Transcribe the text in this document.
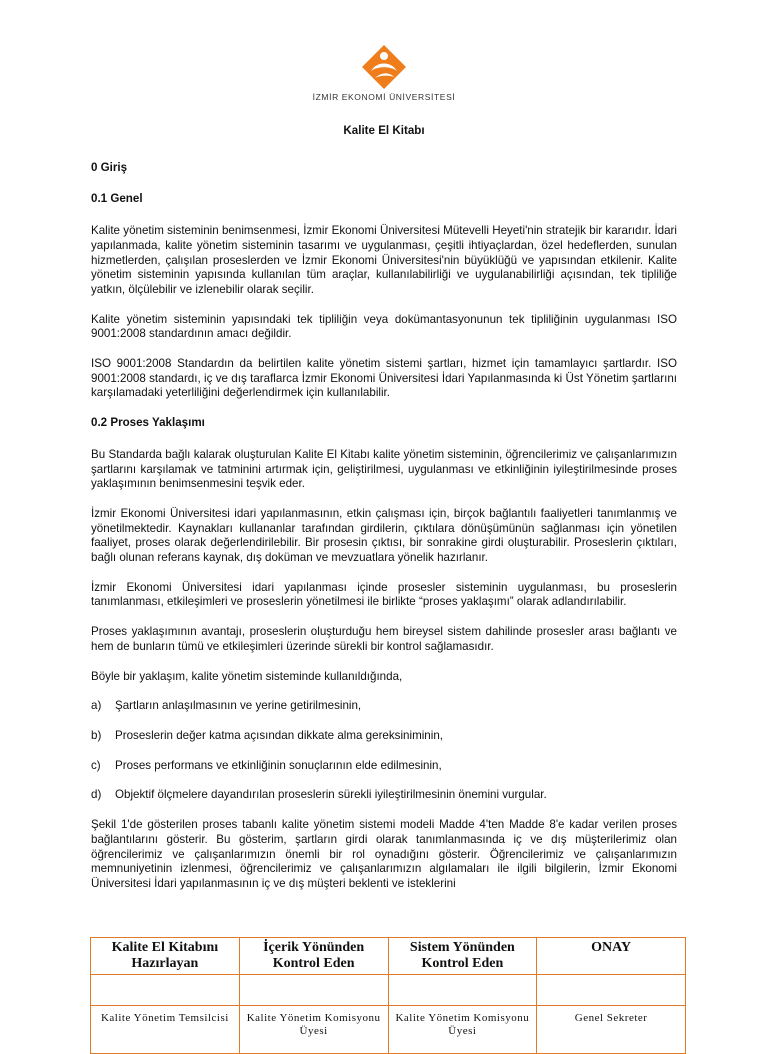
İZMİR EKONOMİ ÜNİVERSİTESİ
Kalite El Kitabı
0 Giriş
0.1 Genel
Kalite yönetim sisteminin benimsenmesi, İzmir Ekonomi Üniversitesi Mütevelli Heyeti'nin stratejik bir kararıdır. İdari yapılanmada, kalite yönetim sisteminin tasarımı ve uygulanması, çeşitli ihtiyaçlardan, özel hedeflerden, sunulan hizmetlerden, çalışılan proseslerden ve İzmir Ekonomi Üniversitesi'nin büyüklüğü ve yapısından etkilenir. Kalite yönetim sisteminin yapısında kullanılan tüm araçlar, kullanılabilirliği ve uygulanabilirliği açısından, tek tipliliğe yatkın, ölçülebilir ve izlenebilir olarak seçilir.
Kalite yönetim sisteminin yapısındaki tek tipliliğin veya dokümantasyonunun tek tipliliğinin uygulanması ISO 9001:2008 standardının amacı değildir.
ISO 9001:2008 Standardın da belirtilen kalite yönetim sistemi şartları, hizmet için tamamlayıcı şartlardır. ISO 9001:2008 standardı, iç ve dış taraflarca İzmir Ekonomi Üniversitesi İdari Yapılanmasında ki Üst Yönetim şartlarını karşılamadaki yeterliliğini değerlendirmek için kullanılabilir.
0.2 Proses Yaklaşımı
Bu Standarda bağlı kalarak oluşturulan Kalite El Kitabı kalite yönetim sisteminin, öğrencilerimiz ve çalışanlarımızın şartlarını karşılamak ve tatminini artırmak için, geliştirilmesi, uygulanması ve etkinliğinin iyileştirilmesinde proses yaklaşımının benimsenmesini teşvik eder.
İzmir Ekonomi Üniversitesi idari yapılanmasının, etkin çalışması için, birçok bağlantılı faaliyetleri tanımlanmış ve yönetilmektedir. Kaynakları kullananlar tarafından girdilerin, çıktılara dönüşümünün sağlanması için yönetilen faaliyet, proses olarak değerlendirilebilir. Bir prosesin çıktısı, bir sonrakine girdi oluşturabilir. Proseslerin çıktıları, bağlı olunan referans kaynak, dış doküman ve mevzuatlara yönelik hazırlanır.
İzmir Ekonomi Üniversitesi idari yapılanması içinde prosesler sisteminin uygulanması, bu proseslerin tanımlanması, etkileşimleri ve proseslerin yönetilmesi ile birlikte “proses yaklaşımı” olarak adlandırılabilir.
Proses yaklaşımının avantajı, proseslerin oluşturduğu hem bireysel sistem dahilinde prosesler arası bağlantı ve hem de bunların tümü ve etkileşimleri üzerinde sürekli bir kontrol sağlamasıdır.
Böyle bir yaklaşım, kalite yönetim sisteminde kullanıldığında,
a)	Şartların anlaşılmasının ve yerine getirilmesinin,
b)	Proseslerin değer katma açısından dikkate alma gereksiniminin,
c)	Proses performans ve etkinliğinin sonuçlarının elde edilmesinin,
d)	Objektif ölçmelere dayandırılan proseslerin sürekli iyileştirilmesinin önemini vurgular.
Şekil 1'de gösterilen proses tabanlı kalite yönetim sistemi modeli Madde 4'ten Madde 8'e kadar verilen proses bağlantılarını gösterir. Bu gösterim, şartların girdi olarak tanımlanmasında iç ve dış müşterilerimiz olan öğrencilerimiz ve çalışanlarımızın önemli bir rol oynadığını gösterir. Öğrencilerimiz ve çalışanlarımızın memnuniyetinin izlenmesi, öğrencilerimiz ve çalışanlarımızın algılamaları ile ilgili bilgilerin, İzmir Ekonomi Üniversitesi İdari yapılanmasının iç ve dış müşteri beklenti ve isteklerini
Kalite El Kitabını Hazırlayan	İçerik Yönünden Kontrol Eden	Sistem Yönünden Kontrol Eden	ONAY

Kalite Yönetim Temsilcisi	Kalite Yönetim Komisyonu Üyesi	Kalite Yönetim Komisyonu Üyesi	Genel Sekreter
